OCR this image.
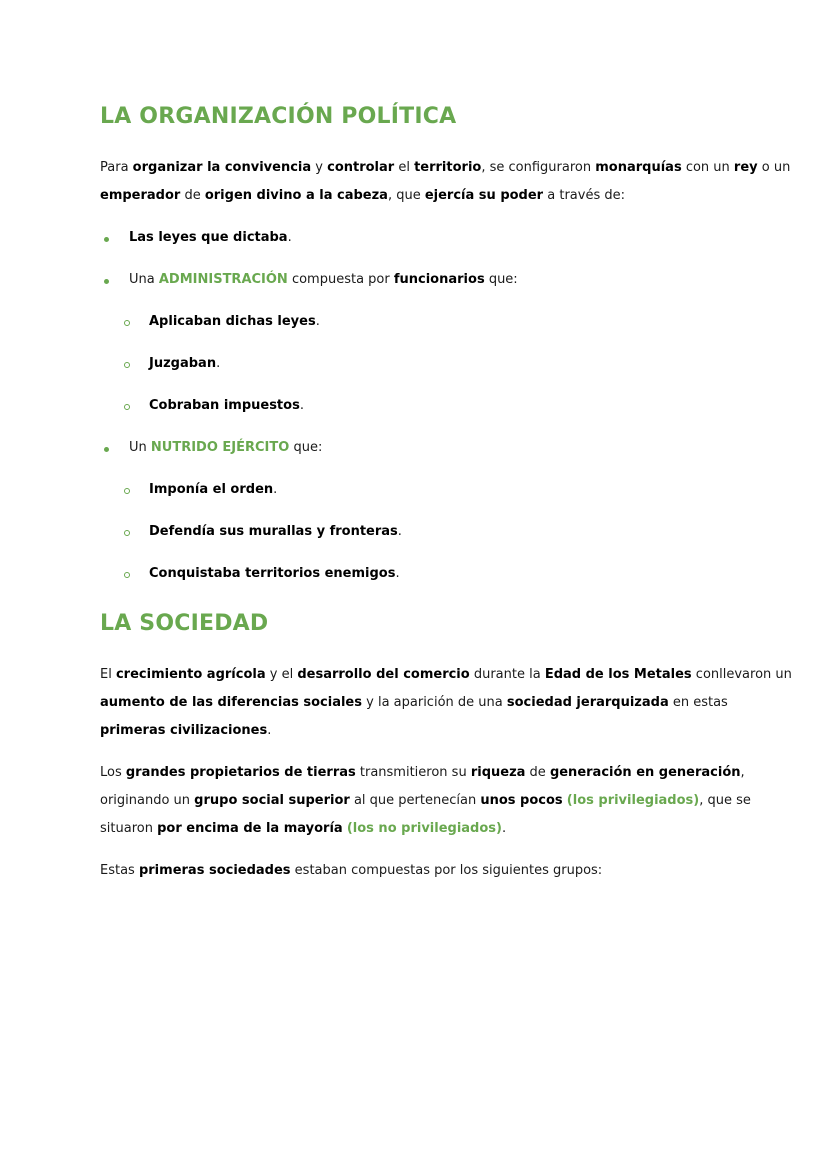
LA ORGANIZACIÓN POLÍTICA
Para organizar la convivencia y controlar el territorio, se configuraron monarquías con un rey o un
emperador de origen divino a la cabeza, que ejercía su poder a través de:
Las leyes que dictaba.
Una ADMINISTRACIÓN compuesta por funcionarios que:
Aplicaban dichas leyes.
Juzgaban.
Cobraban impuestos.
Un NUTRIDO EJÉRCITO que:
Imponía el orden.
Defendía sus murallas y fronteras.
Conquistaba territorios enemigos.
LA SOCIEDAD
El crecimiento agrícola y el desarrollo del comercio durante la Edad de los Metales conllevaron un
aumento de las diferencias sociales y la aparición de una sociedad jerarquizada en estas
primeras civilizaciones.
Los grandes propietarios de tierras transmitieron su riqueza de generación en generación,
originando un grupo social superior al que pertenecían unos pocos (los privilegiados), que se
situaron por encima de la mayoría (los no privilegiados).
Estas primeras sociedades estaban compuestas por los siguientes grupos:
